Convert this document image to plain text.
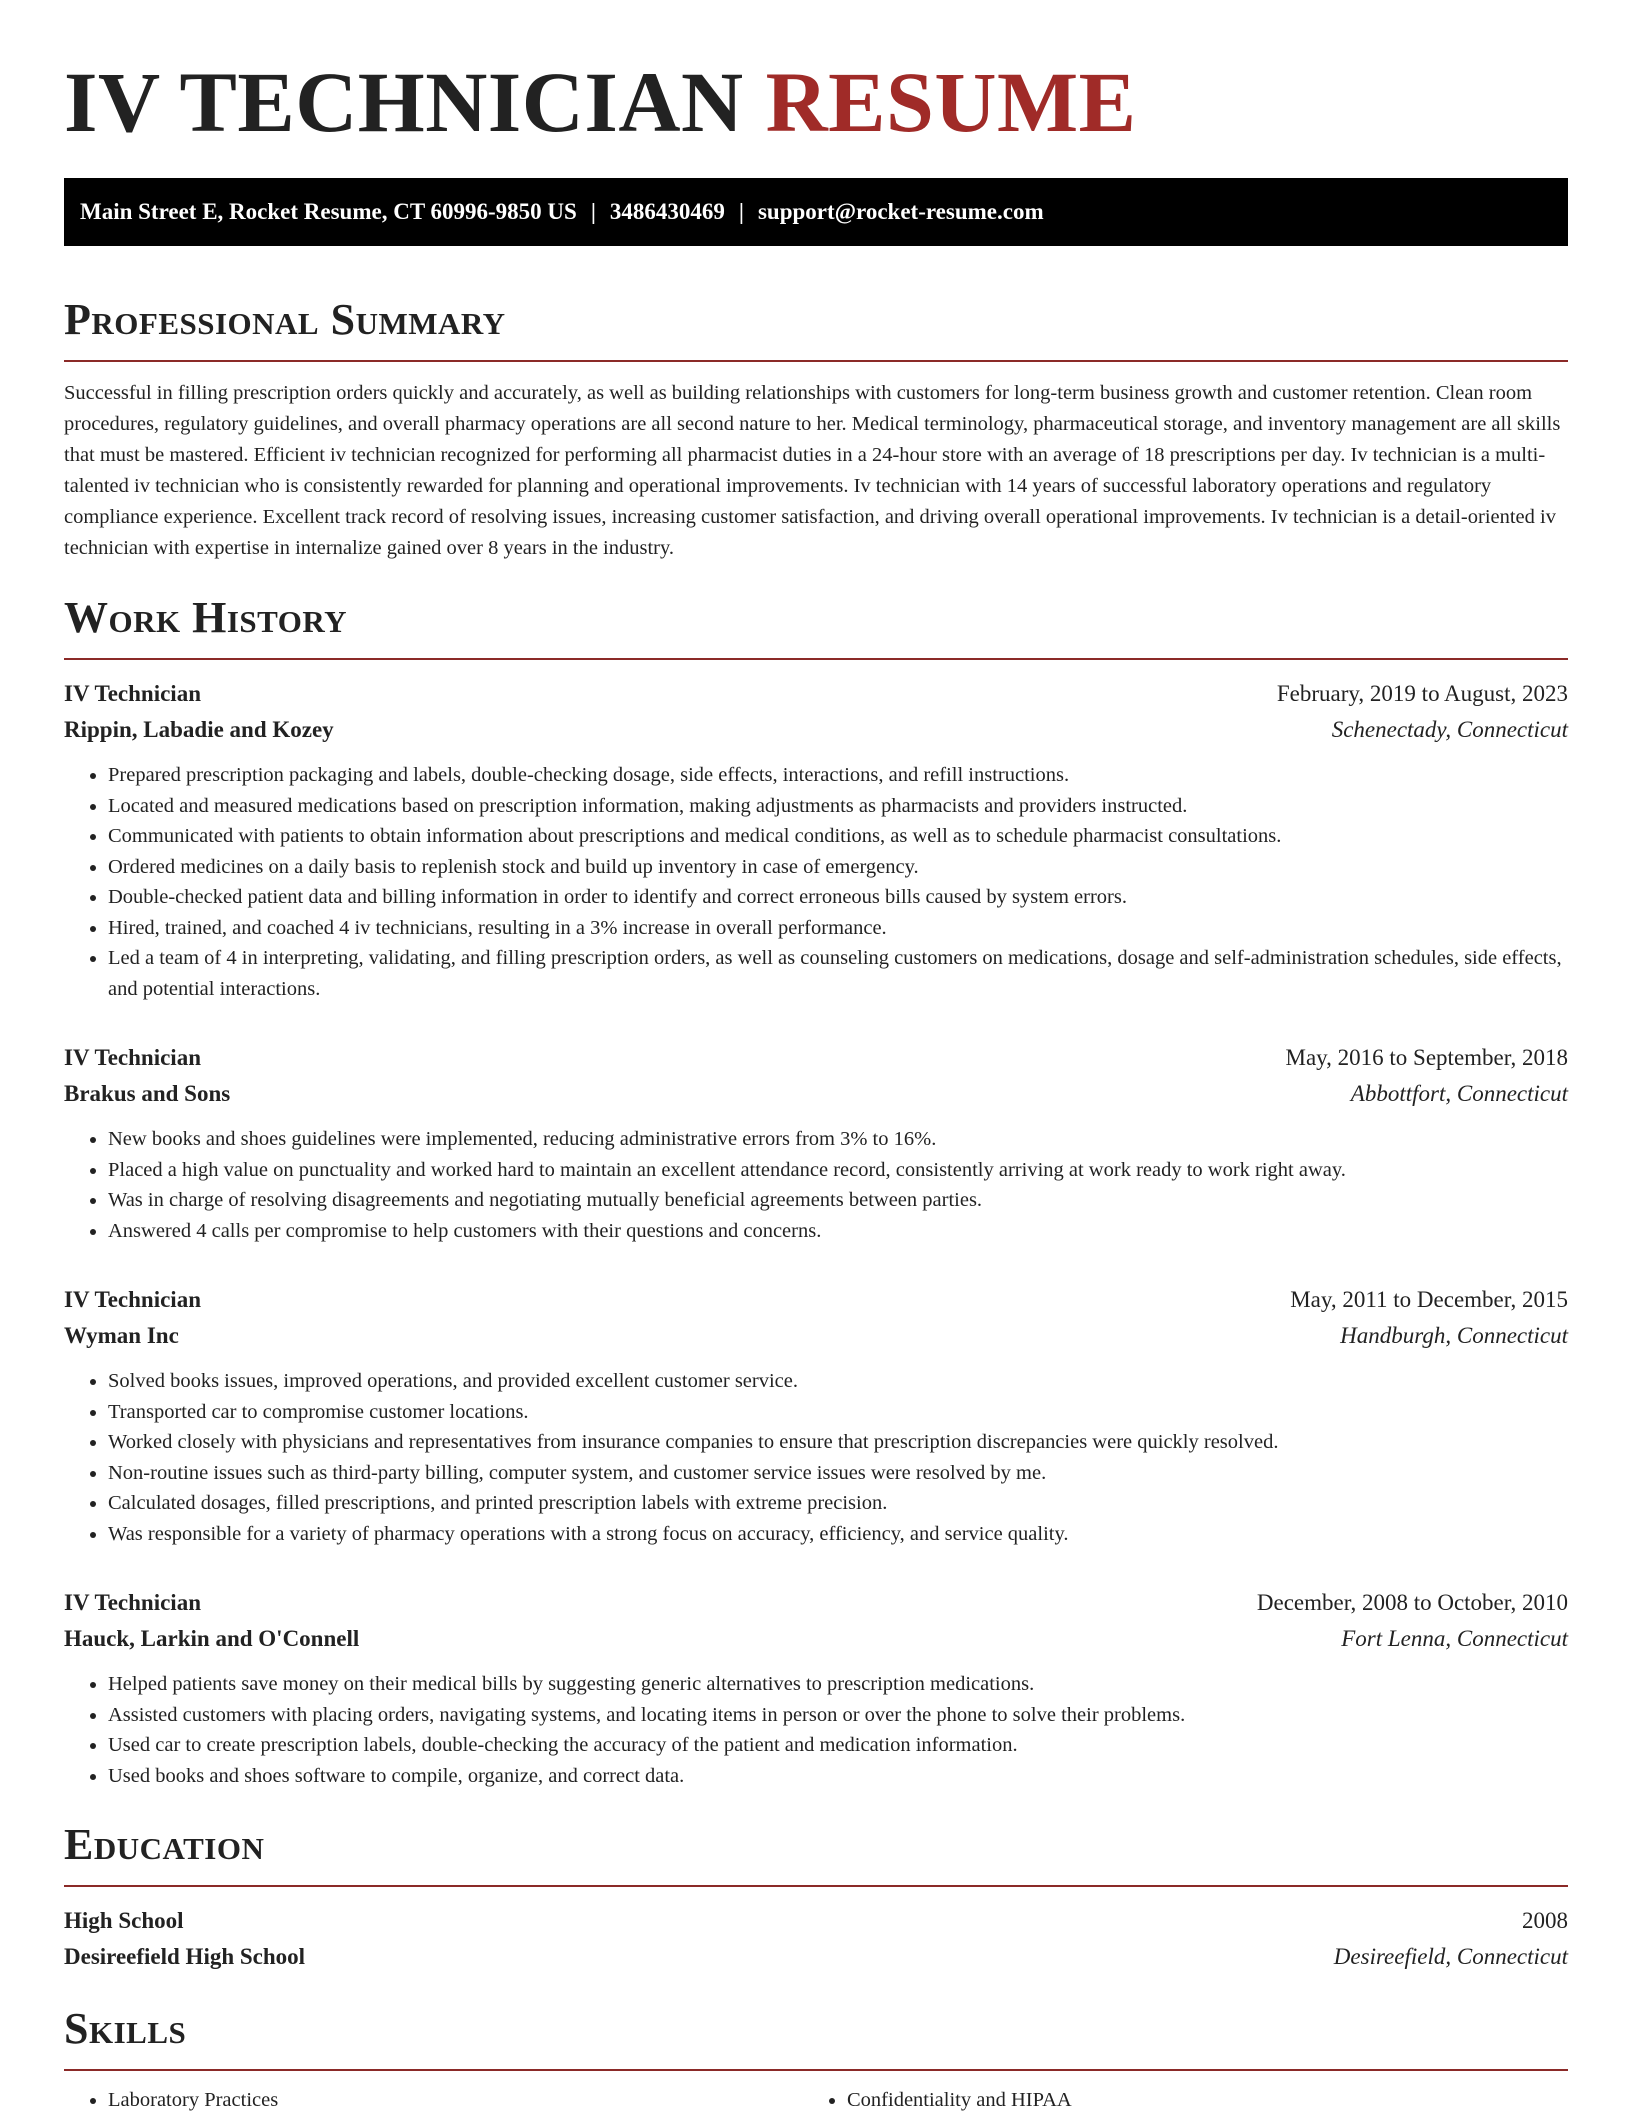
IV TECHNICIAN RESUME
Main Street E, Rocket Resume, CT 60996-9850 US | 3486430469 | support@rocket-resume.com
Professional Summary

Successful in filling prescription orders quickly and accurately, as well as building relationships with customers for long-term business growth and customer retention. Clean room procedures, regulatory guidelines, and overall pharmacy operations are all second nature to her. Medical terminology, pharmaceutical storage, and inventory management are all skills that must be mastered. Efficient iv technician recognized for performing all pharmacist duties in a 24-hour store with an average of 18 prescriptions per day. Iv technician is a multi-talented iv technician who is consistently rewarded for planning and operational improvements. Iv technician with 14 years of successful laboratory operations and regulatory compliance experience. Excellent track record of resolving issues, increasing customer satisfaction, and driving overall operational improvements. Iv technician is a detail-oriented iv technician with expertise in internalize gained over 8 years in the industry.

Work History
IV Technician	February, 2019 to August, 2023
Rippin, Labadie and Kozey	Schenectady, Connecticut
• Prepared prescription packaging and labels, double-checking dosage, side effects, interactions, and refill instructions.
• Located and measured medications based on prescription information, making adjustments as pharmacists and providers instructed.
• Communicated with patients to obtain information about prescriptions and medical conditions, as well as to schedule pharmacist consultations.
• Ordered medicines on a daily basis to replenish stock and build up inventory in case of emergency.
• Double-checked patient data and billing information in order to identify and correct erroneous bills caused by system errors.
• Hired, trained, and coached 4 iv technicians, resulting in a 3% increase in overall performance.
• Led a team of 4 in interpreting, validating, and filling prescription orders, as well as counseling customers on medications, dosage and self-administration schedules, side effects, and potential interactions.
IV Technician	May, 2016 to September, 2018
Brakus and Sons	Abbottfort, Connecticut
• New books and shoes guidelines were implemented, reducing administrative errors from 3% to 16%.
• Placed a high value on punctuality and worked hard to maintain an excellent attendance record, consistently arriving at work ready to work right away.
• Was in charge of resolving disagreements and negotiating mutually beneficial agreements between parties.
• Answered 4 calls per compromise to help customers with their questions and concerns.
IV Technician	May, 2011 to December, 2015
Wyman Inc	Handburgh, Connecticut
• Solved books issues, improved operations, and provided excellent customer service.
• Transported car to compromise customer locations.
• Worked closely with physicians and representatives from insurance companies to ensure that prescription discrepancies were quickly resolved.
• Non-routine issues such as third-party billing, computer system, and customer service issues were resolved by me.
• Calculated dosages, filled prescriptions, and printed prescription labels with extreme precision.
• Was responsible for a variety of pharmacy operations with a strong focus on accuracy, efficiency, and service quality.
IV Technician	December, 2008 to October, 2010
Hauck, Larkin and O'Connell	Fort Lenna, Connecticut
• Helped patients save money on their medical bills by suggesting generic alternatives to prescription medications.
• Assisted customers with placing orders, navigating systems, and locating items in person or over the phone to solve their problems.
• Used car to create prescription labels, double-checking the accuracy of the patient and medication information.
• Used books and shoes software to compile, organize, and correct data.
Education
High School	2008
Desireefield High School	Desireefield, Connecticut
Skills
• Laboratory Practices
•	Confidentiality and HIPAA
